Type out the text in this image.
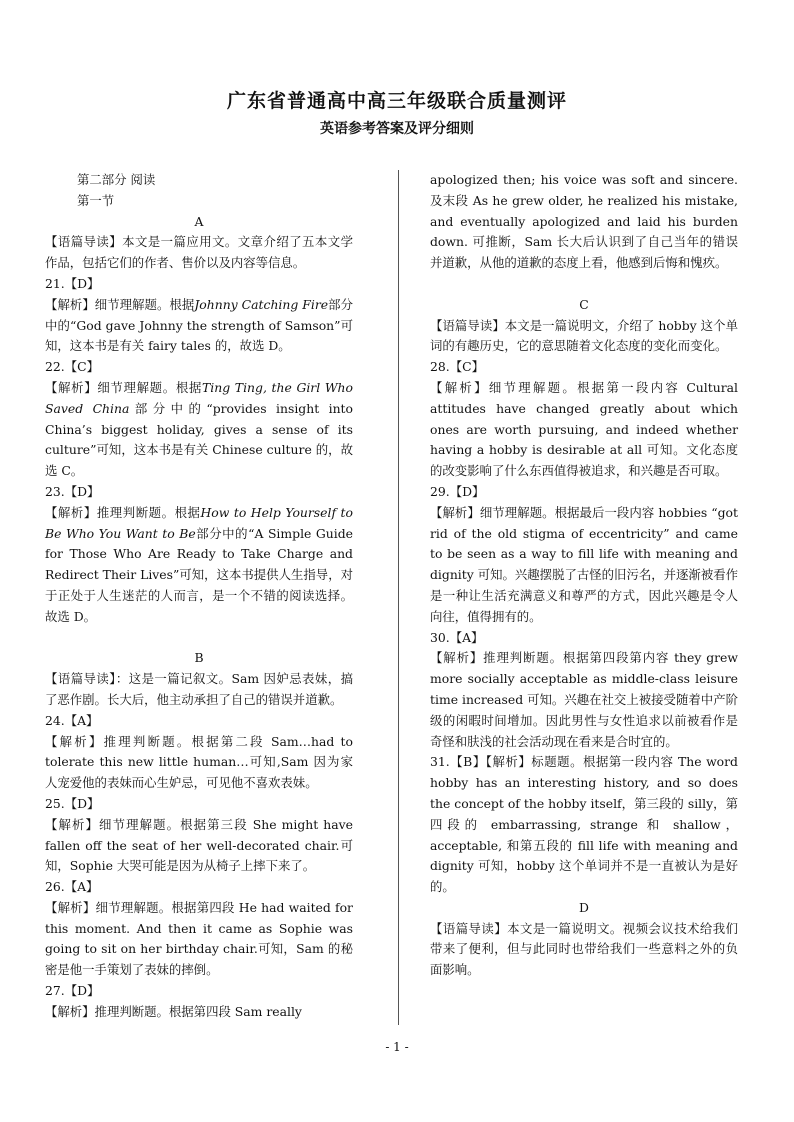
广东省普通高中高三年级联合质量测评
英语参考答案及评分细则

第二部分 阅读

第一节

A

【语篇导读】本文是一篇应用文。文章介绍了五本文学作品，包括它们的作者、售价以及内容等信息。

21.【D】

【解析】细节理解题。根据Johnny Catching Fire部分中的“God gave Johnny the strength of Samson”可知，这本书是有关 fairy tales 的，故选 D。

22.【C】

【解析】细节理解题。根据Ting Ting, the Girl Who Saved China部分中的“provides insight into China’s biggest holiday, gives a sense of its culture”可知，这本书是有关 Chinese culture 的，故选 C。

23.【D】

【解析】推理判断题。根据How to Help Yourself to Be Who You Want to Be部分中的“A Simple Guide for Those Who Are Ready to Take Charge and Redirect Their Lives”可知，这本书提供人生指导，对于正处于人生迷茫的人而言，是一个不错的阅读选择。故选 D。

B

【语篇导读】：这是一篇记叙文。Sam 因妒忌表妹，搞了恶作剧。长大后，他主动承担了自己的错误并道歉。

24.【A】

【解析】推理判断题。根据第二段 Sam…had to tolerate this new little human…可知,Sam 因为家人宠爱他的表妹而心生妒忌，可见他不喜欢表妹。

25.【D】

【解析】细节理解题。根据第三段 She might have fallen off the seat of her well-decorated chair.可知，Sophie 大哭可能是因为从椅子上摔下来了。

26.【A】

【解析】细节理解题。根据第四段 He had waited for this moment. And then it came as Sophie was going to sit on her birthday chair.可知，Sam 的秘密是他一手策划了表妹的摔倒。

27.【D】

【解析】推理判断题。根据第四段 Sam really

apologized then; his voice was soft and sincere. 及末段 As he grew older, he realized his mistake, and eventually apologized and laid his burden down. 可推断，Sam 长大后认识到了自己当年的错误并道歉，从他的道歉的态度上看，他感到后悔和愧疚。

C

【语篇导读】本文是一篇说明文，介绍了 hobby 这个单词的有趣历史，它的意思随着文化态度的变化而变化。

28.【C】

【解析】细节理解题。根据第一段内容 Cultural attitudes have changed greatly about which ones are worth pursuing, and indeed whether having a hobby is desirable at all 可知。文化态度的改变影响了什么东西值得被追求，和兴趣是否可取。

29.【D】

【解析】细节理解题。根据最后一段内容 hobbies “got rid of the old stigma of eccentricity” and came to be seen as a way to fill life with meaning and dignity 可知。兴趣摆脱了古怪的旧污名，并逐渐被看作是一种让生活充满意义和尊严的方式，因此兴趣是令人向往，值得拥有的。

30.【A】

【解析】推理判断题。根据第四段第内容 they grew more socially acceptable as middle-class leisure time increased 可知。兴趣在社交上被接受随着中产阶级的闲暇时间增加。因此男性与女性追求以前被看作是奇怪和肤浅的社会活动现在看来是合时宜的。

31.【B】【解析】标题题。根据第一段内容 The word hobby has an interesting history, and so does the concept of the hobby itself，第三段的 silly，第四段的 embarrassing, strange 和 shallow，acceptable, 和第五段的 fill life with meaning and dignity 可知，hobby 这个单词并不是一直被认为是好的。

D

【语篇导读】本文是一篇说明文。视频会议技术给我们带来了便利，但与此同时也带给我们一些意料之外的负面影响。

- 1 -
